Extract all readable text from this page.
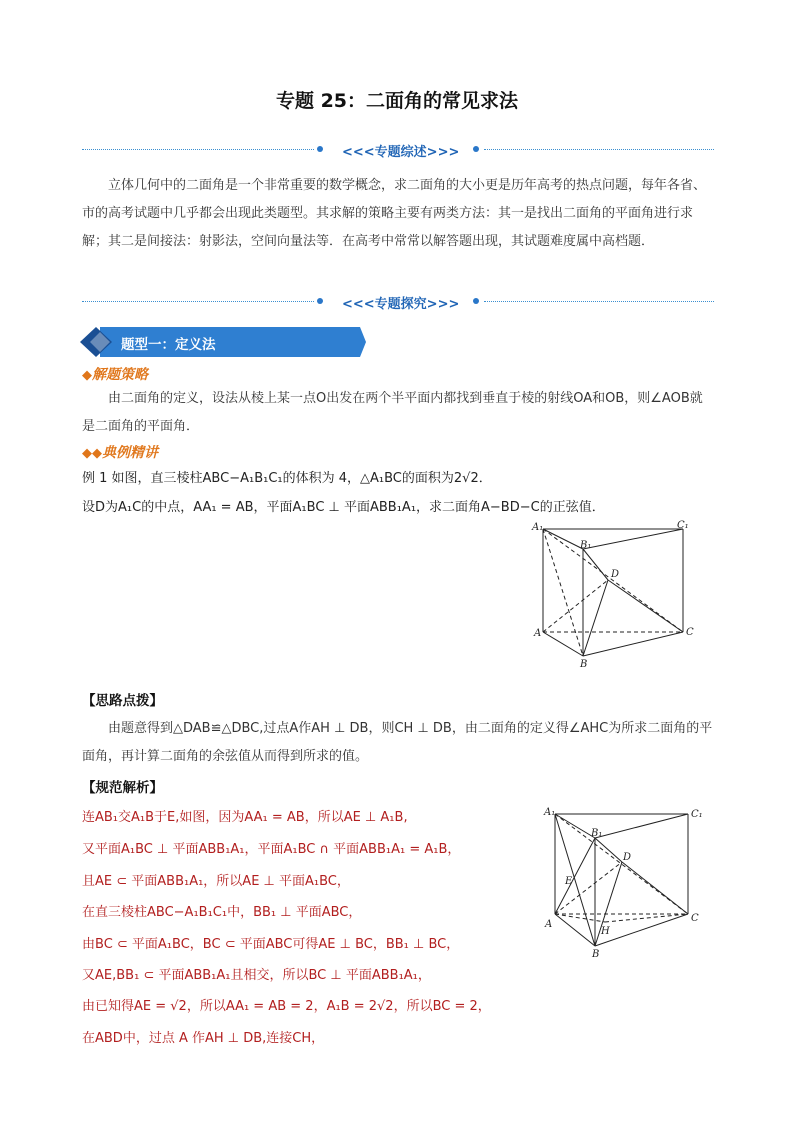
专题 25：二面角的常见求法
<<<专题综述>>>
立体几何中的二面角是一个非常重要的数学概念，求二面角的大小更是历年高考的热点问题，每年各省、市的高考试题中几乎都会出现此类题型。其求解的策略主要有两类方法：其一是找出二面角的平面角进行求解；其二是间接法：射影法，空间向量法等．在高考中常常以解答题出现，其试题难度属中高档题．
<<<专题探究>>>
题型一：定义法
◆解题策略
由二面角的定义，设法从棱上某一点O出发在两个半平面内都找到垂直于棱的射线OA和OB，则∠AOB就是二面角的平面角．
◆◆典例精讲
例 1 如图，直三棱柱ABC−A₁B₁C₁的体积为 4，△A₁BC的面积为2√2．
设D为A₁C的中点，AA₁ = AB，平面A₁BC ⊥ 平面ABB₁A₁，求二面角A−BD−C的正弦值．
A₁
B₁
C₁
D
A
B
C
【思路点拨】
由题意得到△DAB≌△DBC,过点A作AH ⊥ DB，则CH ⊥ DB，由二面角的定义得∠AHC为所求二面角的平面角，再计算二面角的余弦值从而得到所求的值。
【规范解析】
连AB₁交A₁B于E,如图，因为AA₁ = AB，所以AE ⊥ A₁B,
又平面A₁BC ⊥ 平面ABB₁A₁，平面A₁BC ∩ 平面ABB₁A₁ = A₁B，
且AE ⊂ 平面ABB₁A₁，所以AE ⊥ 平面A₁BC，
在直三棱柱ABC−A₁B₁C₁中，BB₁ ⊥ 平面ABC，
由BC ⊂ 平面A₁BC，BC ⊂ 平面ABC可得AE ⊥ BC，BB₁ ⊥ BC，
又AE,BB₁ ⊂ 平面ABB₁A₁且相交，所以BC ⊥ 平面ABB₁A₁，
由已知得AE = √2，所以AA₁ = AB = 2，A₁B = 2√2，所以BC = 2，
在ABD中，过点 A 作AH ⊥ DB,连接CH，
A₁
B₁
C₁
D
E
A
H
B
C
